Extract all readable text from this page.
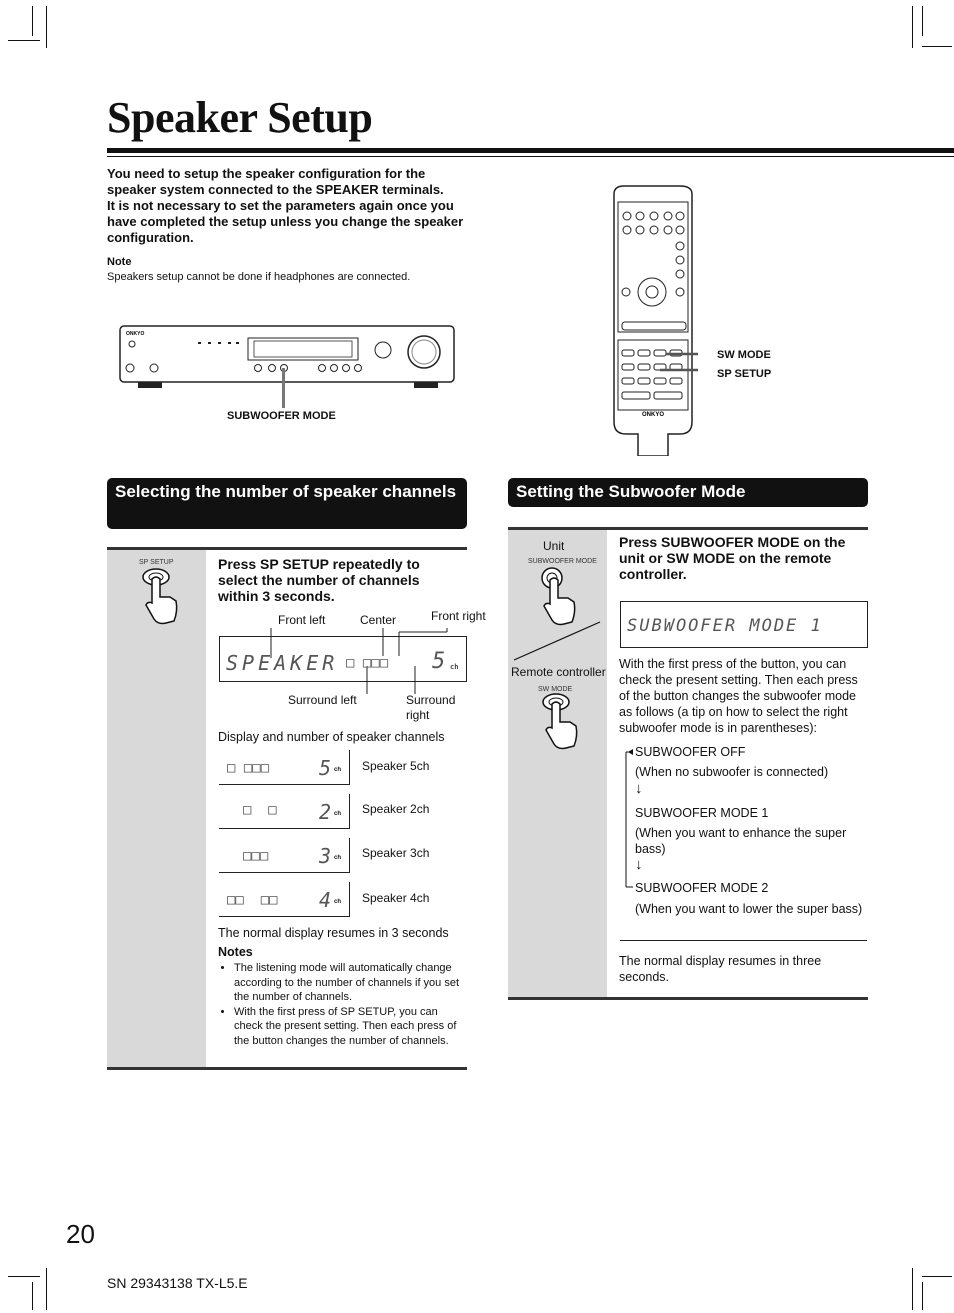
Speaker Setup
You need to setup the speaker configuration for the speaker system connected to the SPEAKER terminals.
It is not necessary to set the parameters again once you have completed the setup unless you change the speaker configuration.
Note
Speakers setup cannot be done if headphones are connected.
ONKYO
SUBWOOFER MODE	ONKYO
SW MODE
SP SETUP
Selecting the number of speaker channels
SP SETUP	Press SP SETUP repeatedly to select the number of channels within 3 seconds.
Front left	Center	Front right
SPEAKER □ □□□ 5 ch
Surround left	Surround right
Display and number of speaker channels
□ □□□ 5 ch Speaker 5ch
□  □ 2 ch Speaker 2ch
□□□	3 ch Speaker 3ch
□□  □□ 4 ch Speaker 4ch
The normal display resumes in 3 seconds
Notes
• The listening mode will automatically change according to the number of channels if you set the number of channels.
• With the first press of SP SETUP, you can check the present setting. Then each press of the button changes the number of channels.
Setting the Subwoofer Mode
Unit
SUBWOOFER MODE
Remote controller
SW MODE
Press SUBWOOFER MODE on the unit or SW MODE on the remote controller.
SUBWOOFER MODE 1
With the first press of the button, you can check the present setting. Then each press of the button changes the subwoofer mode as follows (a tip on how to select the right subwoofer mode is in parentheses):
SUBWOOFER OFF
(When no subwoofer is connected)
↓
SUBWOOFER MODE 1
(When you want to enhance the super bass)
↓
SUBWOOFER MODE 2
(When you want to lower the super bass)
The normal display resumes in three seconds.
20
SN 29343138 TX-L5.E
